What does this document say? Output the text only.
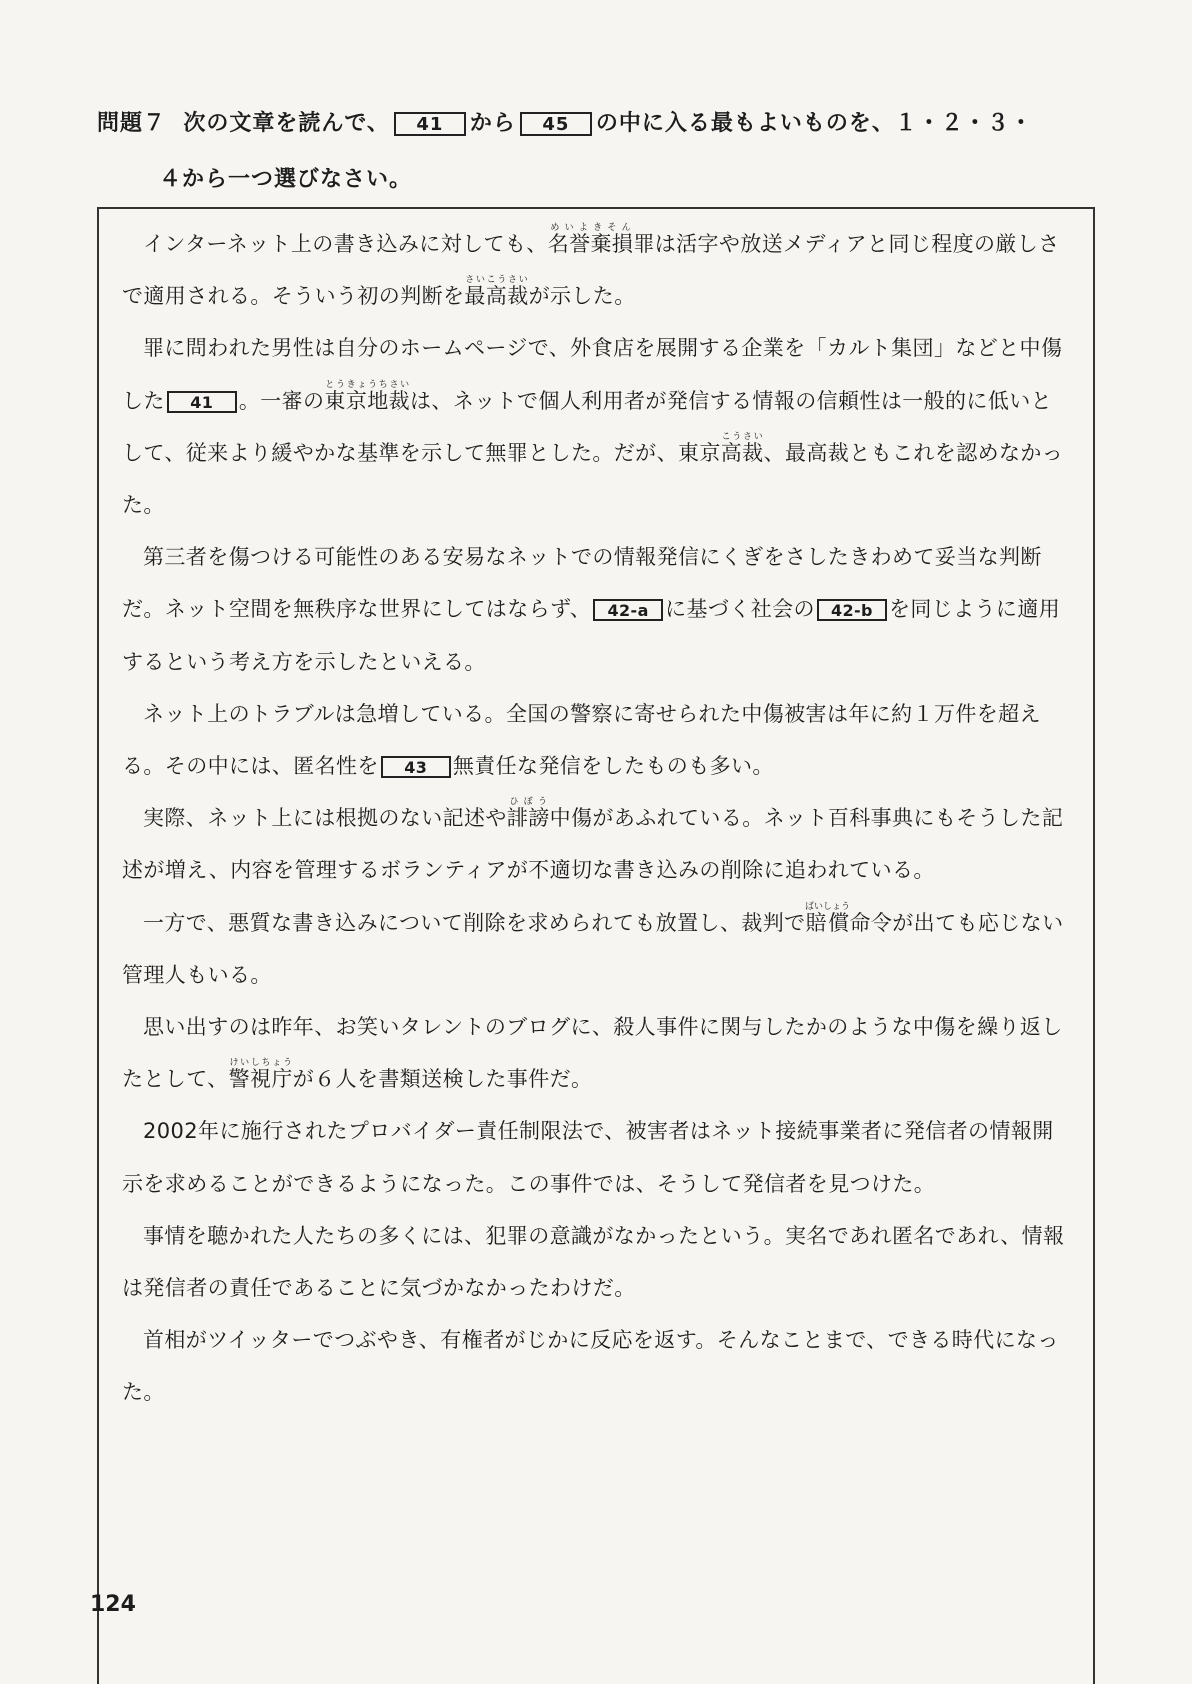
問題７ 次の文章を読んで、 41 から 45 の中に入る最もよいものを、１・２・３・
４から一つ選びなさい。

インターネット上の書き込みに対しても、名誉棄損めいよきそん罪は活字や放送メディアと同じ程度の厳しさで適用される。そういう初の判断を最高裁さいこうさいが示した。

罪に問われた男性は自分のホームページで、外食店を展開する企業を「カルト集団」などと中傷した 41 。一審の東京地裁とうきょうちさいは、ネットで個人利用者が発信する情報の信頼性は一般的に低いとして、従来より緩やかな基準を示して無罪とした。だが、東京高裁こうさい、最高裁ともこれを認めなかった。

第三者を傷つける可能性のある安易なネットでの情報発信にくぎをさしたきわめて妥当な判断だ。ネット空間を無秩序な世界にしてはならず、 42-a に基づく社会の 42-b を同じように適用するという考え方を示したといえる。

ネット上のトラブルは急増している。全国の警察に寄せられた中傷被害は年に約１万件を超える。その中には、匿名性を 43 無責任な発信をしたものも多い。

実際、ネット上には根拠のない記述や誹謗ひぼう中傷があふれている。ネット百科事典にもそうした記述が増え、内容を管理するボランティアが不適切な書き込みの削除に追われている。

一方で、悪質な書き込みについて削除を求められても放置し、裁判で賠償ばいしょう命令が出ても応じない管理人もいる。

思い出すのは昨年、お笑いタレントのブログに、殺人事件に関与したかのような中傷を繰り返したとして、警視庁けいしちょうが６人を書類送検した事件だ。

2002年に施行されたプロバイダー責任制限法で、被害者はネット接続事業者に発信者の情報開示を求めることができるようになった。この事件では、そうして発信者を見つけた。

事情を聴かれた人たちの多くには、犯罪の意識がなかったという。実名であれ匿名であれ、情報は発信者の責任であることに気づかなかったわけだ。

首相がツイッターでつぶやき、有権者がじかに反応を返す。そんなことまで、できる時代になった。

124
